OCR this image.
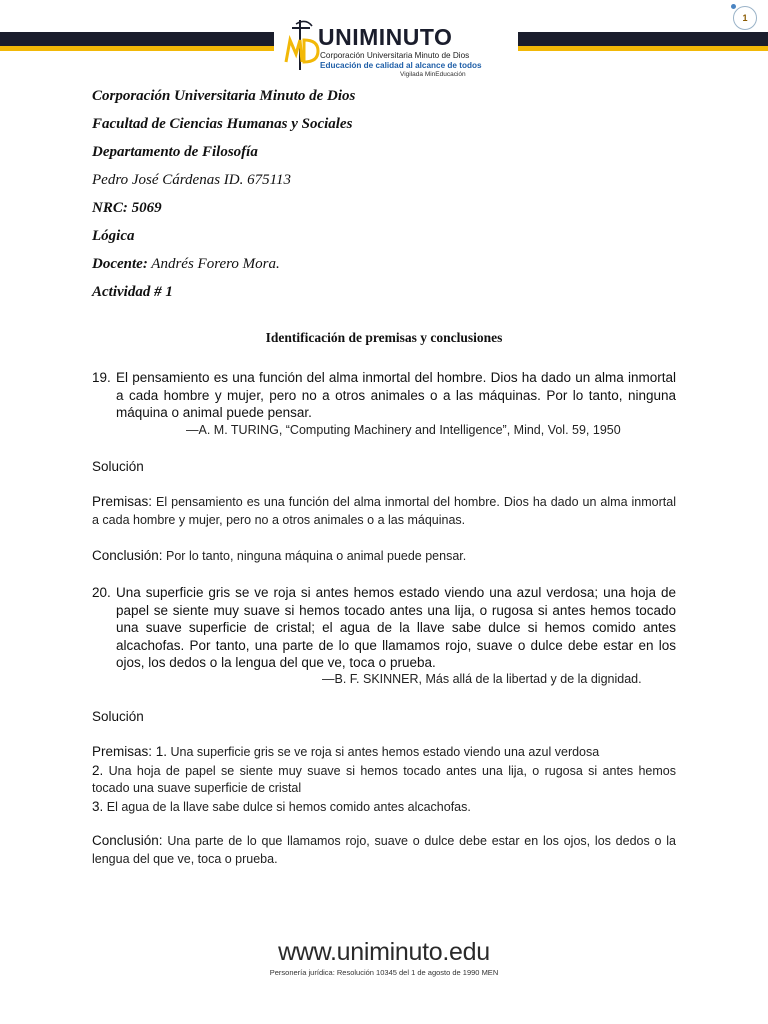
UNIMINUTO
Corporación Universitaria Minuto de Dios
Educación de calidad al alcance de todos
Vigilada MinEducación
1
Corporación Universitaria Minuto de Dios
Facultad de Ciencias Humanas y Sociales
Departamento de Filosofía
Pedro José Cárdenas ID. 675113
NRC: 5069
Lógica
Docente: Andrés Forero Mora.
Actividad # 1
Identificación de premisas y conclusiones
19. El pensamiento es una función del alma inmortal del hombre. Dios ha dado un alma inmortal a cada hombre y mujer, pero no a otros animales o a las máquinas. Por lo tanto, ninguna máquina o animal puede pensar.
—A. M. TURING, “Computing Machinery and Intelligence”, Mind, Vol. 59, 1950
Solución
Premisas: El pensamiento es una función del alma inmortal del hombre. Dios ha dado un alma inmortal a cada hombre y mujer, pero no a otros animales o a las máquinas.
Conclusión: Por lo tanto, ninguna máquina o animal puede pensar.
20. Una superficie gris se ve roja si antes hemos estado viendo una azul verdosa; una hoja de papel se siente muy suave si hemos tocado antes una lija, o rugosa si antes hemos tocado una suave superficie de cristal; el agua de la llave sabe dulce si hemos comido antes alcachofas. Por tanto, una parte de lo que llamamos rojo, suave o dulce debe estar en los ojos, los dedos o la lengua del que ve, toca o prueba.
—B. F. SKINNER, Más allá de la libertad y de la dignidad.
Solución
Premisas: 1. Una superficie gris se ve roja si antes hemos estado viendo una azul verdosa
2. Una hoja de papel se siente muy suave si hemos tocado antes una lija, o rugosa si antes hemos tocado una suave superficie de cristal
3. El agua de la llave sabe dulce si hemos comido antes alcachofas.
Conclusión: Una parte de lo que llamamos rojo, suave o dulce debe estar en los ojos, los dedos o la lengua del que ve, toca o prueba.
www.uniminuto.edu
Personería jurídica: Resolución 10345 del 1 de agosto de 1990 MEN
